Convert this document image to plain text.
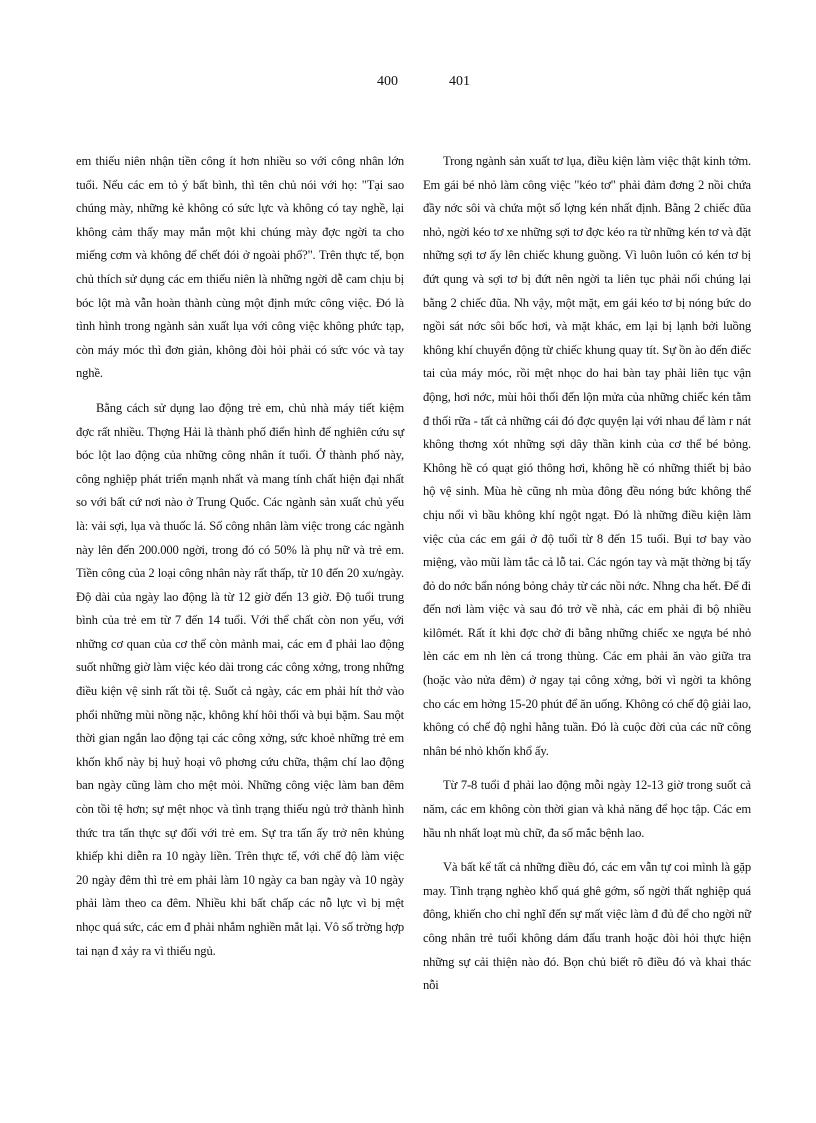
400	401

em thiếu niên nhận tiền công ít hơn nhiều so với công nhân lớn tuổi. Nếu các em tỏ ý bất bình, thì tên chủ nói với họ: "Tại sao chúng mày, những kẻ không có sức lực và không có tay nghề, lại không cảm thấy may mắn một khi chúng mày đợc ngời ta cho miếng cơm và không để chết đói ở ngoài phố?". Trên thực tế, bọn chủ thích sử dụng các em thiếu niên là những ngời dễ cam chịu bị bóc lột mà vẫn hoàn thành cùng một định mức công việc. Đó là tình hình trong ngành sản xuất lụa với công việc không phức tạp, còn máy móc thì đơn giản, không đòi hỏi phải có sức vóc và tay nghề.

Bằng cách sử dụng lao động trẻ em, chủ nhà máy tiết kiệm đợc rất nhiều. Thợng Hải là thành phố điển hình để nghiên cứu sự bóc lột lao động của những công nhân ít tuổi. Ở thành phố này, công nghiệp phát triển mạnh nhất và mang tính chất hiện đại nhất so với bất cứ nơi nào ở Trung Quốc. Các ngành sản xuất chủ yếu là: vải sợi, lụa và thuốc lá. Số công nhân làm việc trong các ngành này lên đến 200.000 ngời, trong đó có 50% là phụ nữ và trẻ em. Tiền công của 2 loại công nhân này rất thấp, từ 10 đến 20 xu/ngày. Độ dài của ngày lao động là từ 12 giờ đến 13 giờ. Độ tuổi trung bình của trẻ em từ 7 đến 14 tuổi. Với thể chất còn non yếu, với những cơ quan của cơ thể còn mảnh mai, các em đ phải lao động suốt những giờ làm việc kéo dài trong các công xởng, trong những điều kiện vệ sinh rất tồi tệ. Suốt cả ngày, các em phải hít thở vào phổi những mùi nồng nặc, không khí hôi thối và bụi bặm. Sau một thời gian ngắn lao động tại các công xởng, sức khoẻ những trẻ em khốn khổ này bị huỷ hoại vô phơng cứu chữa, thậm chí lao động ban ngày cũng làm cho mệt mỏi. Những công việc làm ban đêm còn tồi tệ hơn; sự mệt nhọc và tình trạng thiếu ngủ trở thành hình thức tra tấn thực sự đối với trẻ em. Sự tra tấn ấy trở nên khủng khiếp khi diễn ra 10 ngày liền. Trên thực tế, với chế độ làm việc 20 ngày đêm thì trẻ em phải làm 10 ngày ca ban ngày và 10 ngày phải làm theo ca đêm. Nhiều khi bất chấp các nỗ lực vì bị mệt nhọc quá sức, các em đ phải nhắm nghiền mắt lại. Vô số trờng hợp tai nạn đ xảy ra vì thiếu ngủ.

Trong ngành sản xuất tơ lụa, điều kiện làm việc thật kinh tởm. Em gái bé nhỏ làm công việc "kéo tơ" phải đảm đơng 2 nồi chứa đầy nớc sôi và chứa một số lợng kén nhất định. Bằng 2 chiếc đũa nhỏ, ngời kéo tơ xe những sợi tơ đợc kéo ra từ những kén tơ và đặt những sợi tơ ấy lên chiếc khung guồng. Vì luôn luôn có kén tơ bị đứt qung và sợi tơ bị đứt nên ngời ta liên tục phải nối chúng lại bằng 2 chiếc đũa. Nh vậy, một mặt, em gái kéo tơ bị nóng bức do ngồi sát nớc sôi bốc hơi, và mặt khác, em lại bị lạnh bởi luồng không khí chuyển động từ chiếc khung quay tít. Sự ồn ào đến điếc tai của máy móc, rồi mệt nhọc do hai bàn tay phải liên tục vận động, hơi nớc, mùi hôi thối đến lộn mửa của những chiếc kén tằm đ thối rữa - tất cả những cái đó đợc quyện lại với nhau để làm r nát không thơng xót những sợi dây thần kinh của cơ thể bé bỏng. Không hề có quạt gió thông hơi, không hề có những thiết bị bảo hộ vệ sinh. Mùa hè cũng nh mùa đông đều nóng bức không thể chịu nổi vì bầu không khí ngột ngạt. Đó là những điều kiện làm việc của các em gái ở độ tuổi từ 8 đến 15 tuổi. Bụi tơ bay vào miệng, vào mũi làm tắc cả lỗ tai. Các ngón tay và mặt thờng bị tấy đỏ do nớc bẩn nóng bỏng chảy từ các nồi nớc. Nhng cha hết. Để đi đến nơi làm việc và sau đó trở về nhà, các em phải đi bộ nhiều kilômét. Rất ít khi đợc chở đi bằng những chiếc xe ngựa bé nhỏ lèn các em nh lèn cá trong thùng. Các em phải ăn vào giữa tra (hoặc vào nửa đêm) ở ngay tại công xởng, bởi vì ngời ta không cho các em hởng 15-20 phút để ăn uống. Không có chế độ giải lao, không có chế độ nghỉ hằng tuần. Đó là cuộc đời của các nữ công nhân bé nhỏ khốn khổ ấy.

Từ 7-8 tuổi đ phải lao động mỗi ngày 12-13 giờ trong suốt cả năm, các em không còn thời gian và khả năng để học tập. Các em hầu nh nhất loạt mù chữ, đa số mắc bệnh lao.

Và bất kể tất cả những điều đó, các em vẫn tự coi mình là gặp may. Tình trạng nghèo khổ quá ghê gớm, số ngời thất nghiệp quá đông, khiến cho chỉ nghĩ đến sự mất việc làm đ đủ để cho ngời nữ công nhân trẻ tuổi không dám đấu tranh hoặc đòi hỏi thực hiện những sự cải thiện nào đó. Bọn chủ biết rõ điều đó và khai thác nỗi
